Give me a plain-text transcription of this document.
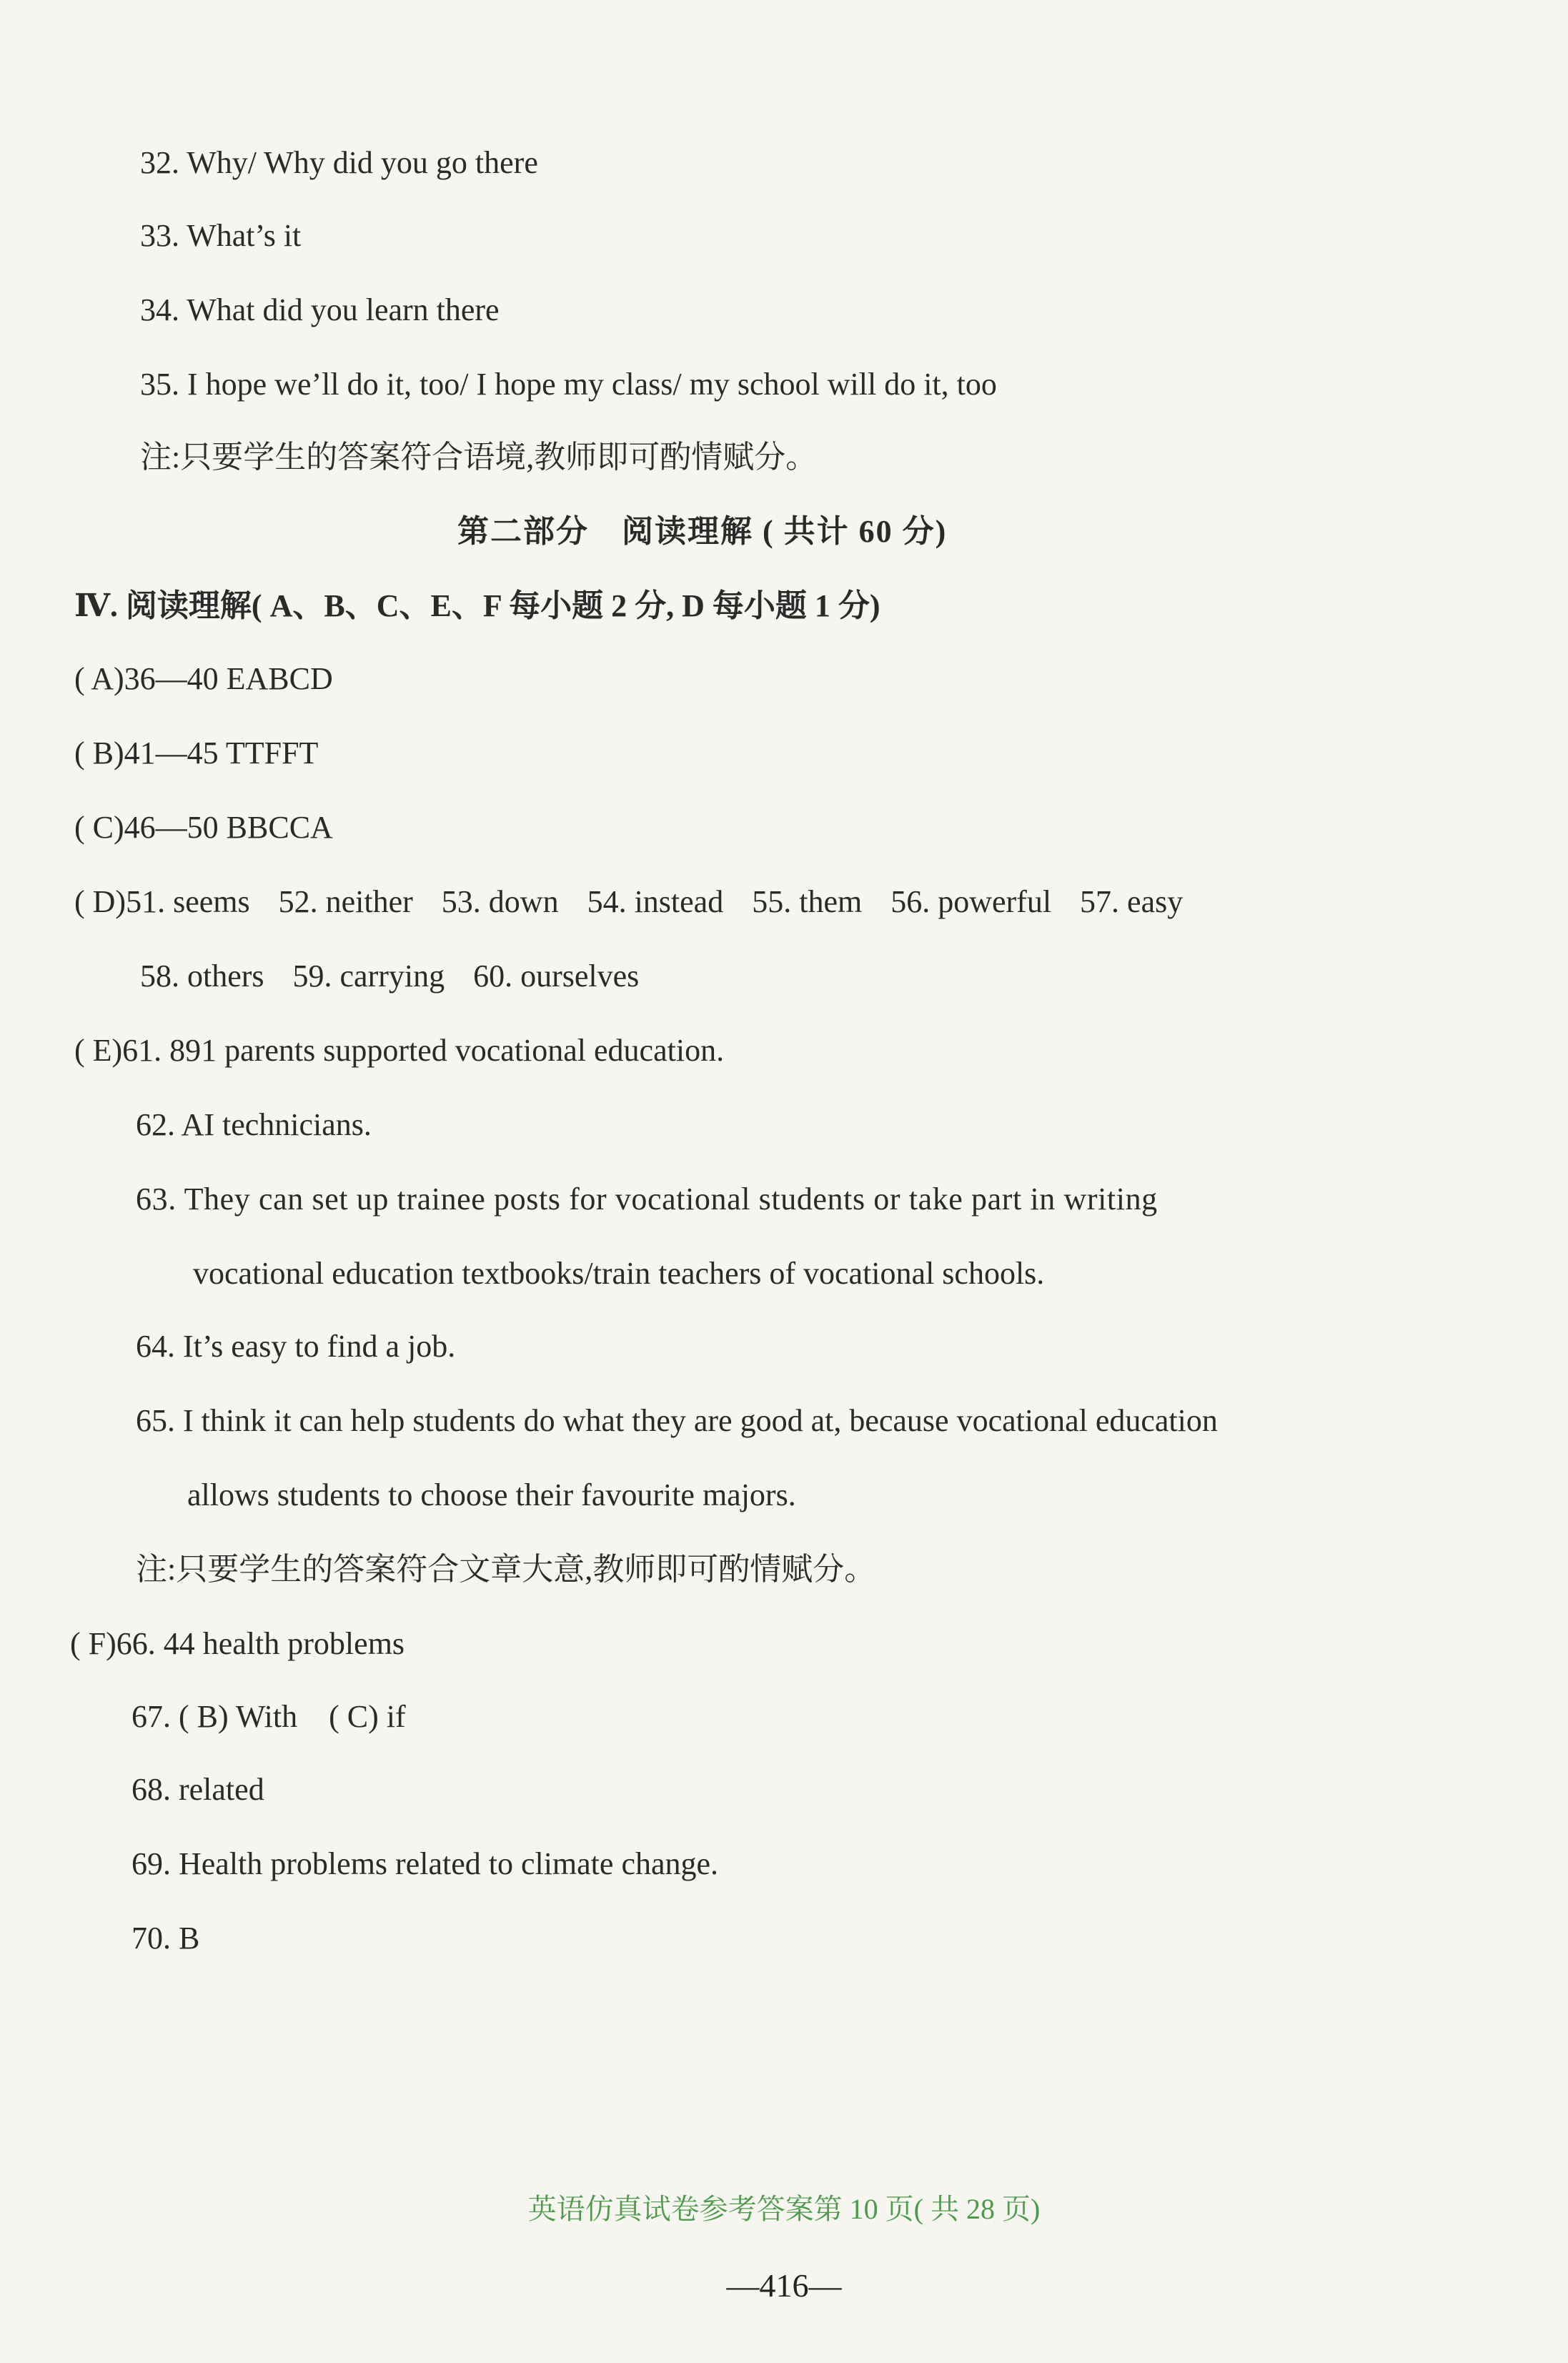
32. Why/ Why did you go there
33. What’s it
34. What did you learn there
35. I hope we’ll do it, too/ I hope my class/ my school will do it, too
注:只要学生的答案符合语境,教师即可酌情赋分。
第二部分　阅读理解 ( 共计 60 分)
Ⅳ. 阅读理解( A、B、C、E、F 每小题 2 分, D 每小题 1 分)
( A)36—40 EABCD
( B)41—45 TTFFT
( C)46—50 BBCCA
( D)51. seems 52. neither 53. down 54. instead 55. them 56. powerful 57. easy
58. others 59. carrying 60. ourselves
( E)61. 891 parents supported vocational education.
62. AI technicians.
63. They can set up trainee posts for vocational students or take part in writing
vocational education textbooks/train teachers of vocational schools.
64. It’s easy to find a job.
65. I think it can help students do what they are good at, because vocational education
allows students to choose their favourite majors.
注:只要学生的答案符合文章大意,教师即可酌情赋分。
( F)66. 44 health problems
67. ( B) With　( C) if
68. related
69. Health problems related to climate change.
70. B
英语仿真试卷参考答案第 10 页( 共 28 页)
—416—
